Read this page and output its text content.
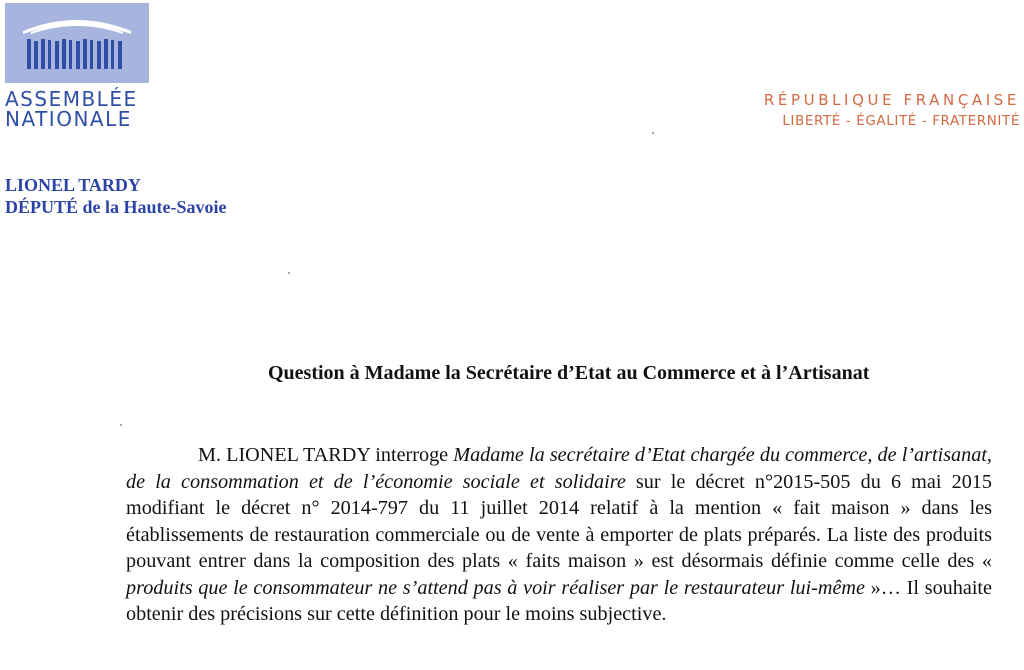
ASSEMBLÉE
NATIONALE
RÉPUBLIQUE FRANÇAISE
LIBERTÉ - ÉGALITÉ - FRATERNITÉ
LIONEL TARDY
DÉPUTÉ de la Haute-Savoie
Question à Madame la Secrétaire d’Etat au Commerce et à l’Artisanat
M. LIONEL TARDY interroge Madame la secrétaire d’Etat chargée du commerce, de l’artisanat, de la consommation et de l’économie sociale et solidaire sur le décret n°2015-505 du 6 mai 2015 modifiant le décret n° 2014-797 du 11 juillet 2014 relatif à la mention « fait maison » dans les établissements de restauration commerciale ou de vente à emporter de plats préparés. La liste des produits pouvant entrer dans la composition des plats « faits maison » est désormais définie comme celle des « produits que le consommateur ne s’attend pas à voir réaliser par le restaurateur lui-même »… Il souhaite obtenir des précisions sur cette définition pour le moins subjective.
